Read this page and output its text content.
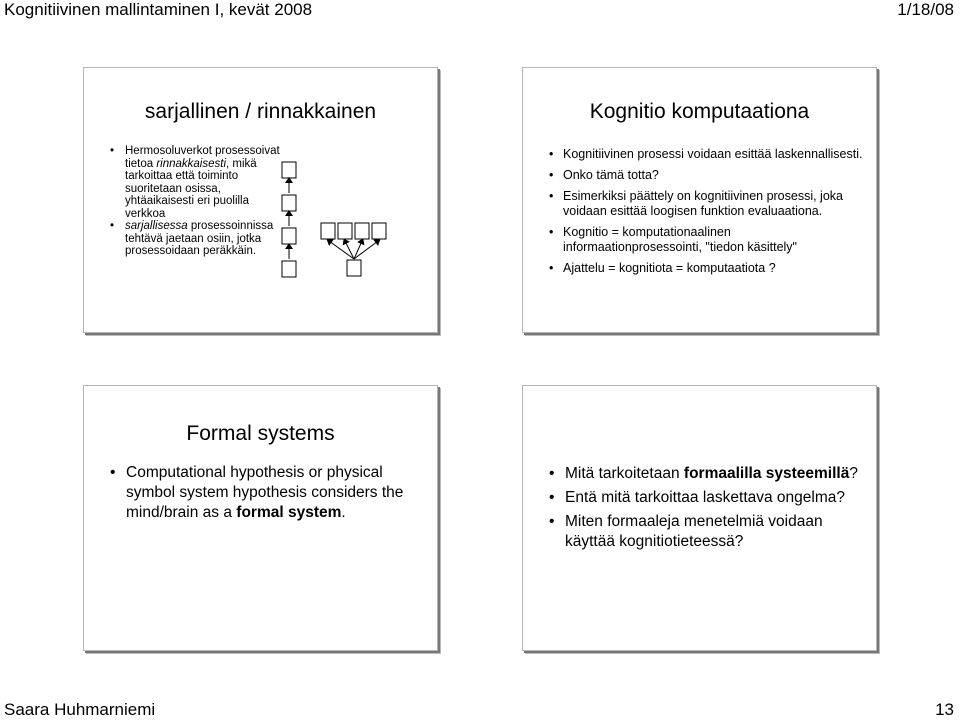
Kognitiivinen mallintaminen I, kevät 2008	1/18/08
sarjallinen / rinnakkainen
• Hermosoluverkot prosessoivat tietoa rinnakkaisesti, mikä tarkoittaa että toiminto suoritetaan osissa, yhtäaikaisesti eri puolilla verkkoa
• sarjallisessa prosessoinnissa tehtävä jaetaan osiin, jotka prosessoidaan peräkkäin.
Kognitio komputaationa
• Kognitiivinen prosessi voidaan esittää laskennallisesti.
• Onko tämä totta?
• Esimerkiksi päättely on kognitiivinen prosessi, joka voidaan esittää loogisen funktion evaluaationa.
• Kognitio = komputationaalinen informaationprosessointi, "tiedon käsittely"
• Ajattelu = kognitiota = komputaatiota ?
Formal systems
• Computational hypothesis or physical symbol system hypothesis considers the mind/brain as a formal system.
• Mitä tarkoitetaan formaalilla systeemillä?
• Entä mitä tarkoittaa laskettava ongelma?
• Miten formaaleja menetelmiä voidaan käyttää kognitiotieteessä?
Saara Huhmarniemi	13
